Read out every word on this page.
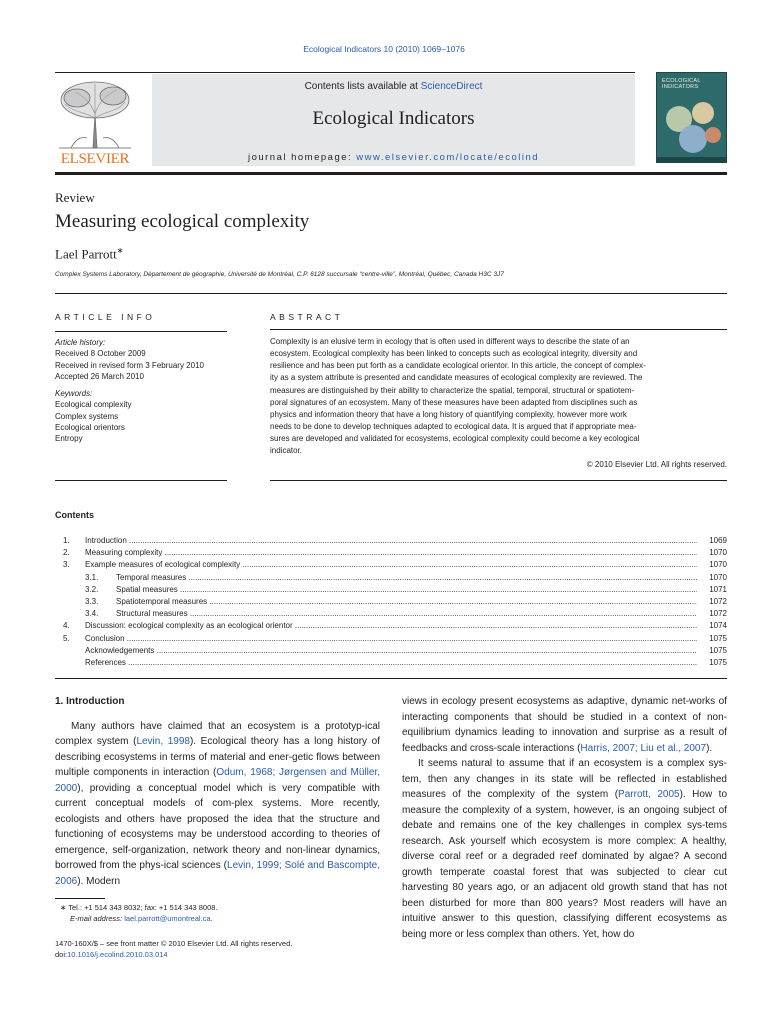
Ecological Indicators 10 (2010) 1069–1076
ELSEVIER
Contents lists available at ScienceDirect
Ecological Indicators
journal homepage: www.elsevier.com/locate/ecolind
ECOLOGICAL INDICATORS
Review
Measuring ecological complexity
Lael Parrott∗
Complex Systems Laboratory, Département de géographie, Université de Montréal, C.P. 6128 succursale “centre-ville”, Montréal, Québec, Canada H3C 3J7
ARTICLE INFO
Article history:
Received 8 October 2009
Received in revised form 3 February 2010
Accepted 26 March 2010
Keywords:
Ecological complexity
Complex systems
Ecological orientors
Entropy
ABSTRACT
Complexity is an elusive term in ecology that is often used in different ways to describe the state of an
ecosystem. Ecological complexity has been linked to concepts such as ecological integrity, diversity and
resilience and has been put forth as a candidate ecological orientor. In this article, the concept of complex-
ity as a system attribute is presented and candidate measures of ecological complexity are reviewed. The
measures are distinguished by their ability to characterize the spatial, temporal, structural or spatiotem-
poral signatures of an ecosystem. Many of these measures have been adapted from disciplines such as
physics and information theory that have a long history of quantifying complexity, however more work
needs to be done to develop techniques adapted to ecological data. It is argued that if appropriate mea-
sures are developed and validated for ecosystems, ecological complexity could become a key ecological
indicator.
© 2010 Elsevier Ltd. All rights reserved.
Contents
1. Introduction .....	1069
2. Measuring complexity .....	1070
3. Example measures of ecological complexity .....	1070
3.1. Temporal measures .....	1070
3.2. Spatial measures .....	1071
3.3. Spatiotemporal measures .....	1072
3.4. Structural measures .....	1072
4. Discussion: ecological complexity as an ecological orientor .....	1074
5. Conclusion .....	1075
Acknowledgements .....	1075
References .....	1075
1. Introduction
Many authors have claimed that an ecosystem is a prototyp-ical complex system (Levin, 1998). Ecological theory has a long history of describing ecosystems in terms of material and ener-getic flows between multiple components in interaction (Odum, 1968; Jørgensen and Müller, 2000), providing a conceptual model which is very compatible with current conceptual models of com-plex systems. More recently, ecologists and others have proposed the idea that the structure and functioning of ecosystems may be understood according to theories of emergence, self-organization, network theory and non-linear dynamics, borrowed from the phys-ical sciences (Levin, 1999; Solé and Bascompte, 2006). Modern
views in ecology present ecosystems as adaptive, dynamic net-works of interacting components that should be studied in a context of non-equilibrium dynamics leading to innovation and surprise as a result of feedbacks and cross-scale interactions (Harris, 2007; Liu et al., 2007).
It seems natural to assume that if an ecosystem is a complex sys-tem, then any changes in its state will be reflected in established measures of the complexity of the system (Parrott, 2005). How to measure the complexity of a system, however, is an ongoing subject of debate and remains one of the key challenges in complex sys-tems research. Ask yourself which ecosystem is more complex: A healthy, diverse coral reef or a degraded reef dominated by algae? A second growth temperate coastal forest that was subjected to clear cut harvesting 80 years ago, or an adjacent old growth stand that has not been disturbed for more than 800 years? Most readers will have an intuitive answer to this question, classifying different ecosystems as being more or less complex than others. Yet, how do
∗ Tel.: +1 514 343 8032; fax: +1 514 343 8008.
E-mail address: lael.parrott@umontreal.ca.
1470-160X/$ – see front matter © 2010 Elsevier Ltd. All rights reserved.
doi:10.1016/j.ecolind.2010.03.014
